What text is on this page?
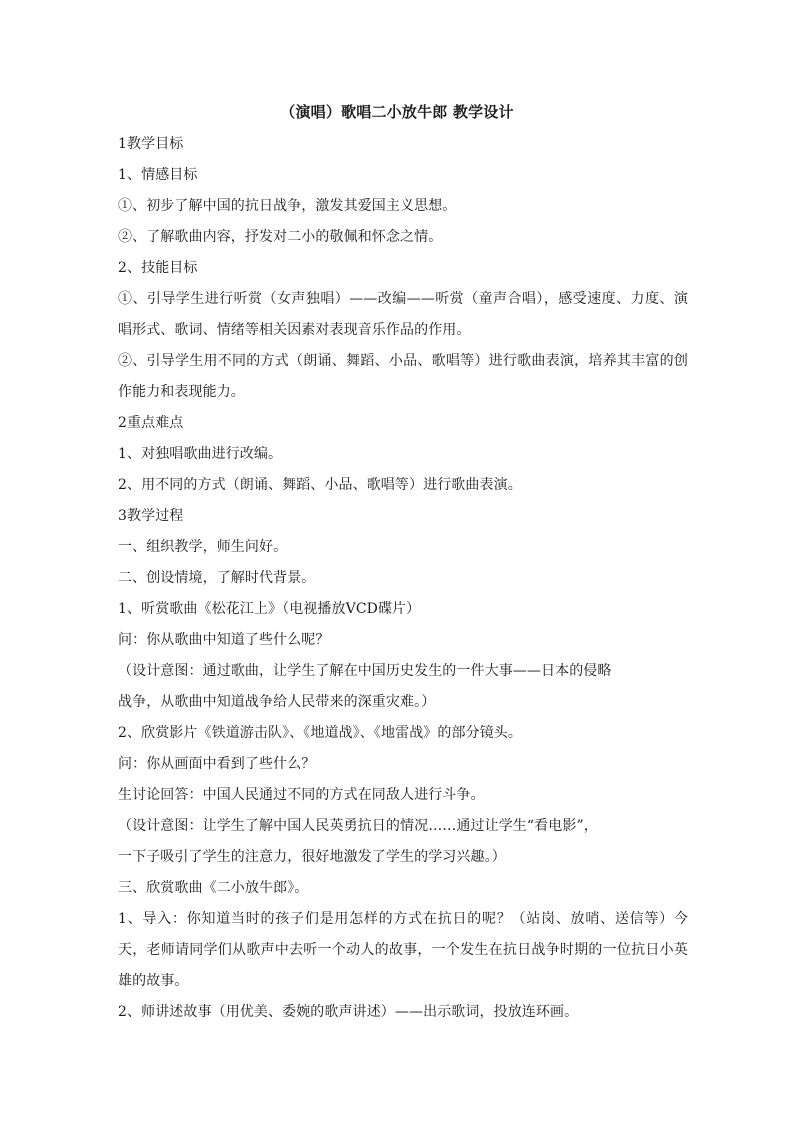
（演唱）歌唱二小放牛郎 教学设计

1教学目标

1、情感目标

①、初步了解中国的抗日战争，激发其爱国主义思想。

②、了解歌曲内容，抒发对二小的敬佩和怀念之情。

2、技能目标

①、引导学生进行听赏（女声独唱）——改编——听赏（童声合唱），感受速度、力度、演唱形式、歌词、情绪等相关因素对表现音乐作品的作用。

②、引导学生用不同的方式（朗诵、舞蹈、小品、歌唱等）进行歌曲表演，培养其丰富的创作能力和表现能力。

2重点难点

1、对独唱歌曲进行改编。

2、用不同的方式（朗诵、舞蹈、小品、歌唱等）进行歌曲表演。

3教学过程

一、组织教学，师生问好。

二、创设情境，了解时代背景。

1、听赏歌曲《松花江上》（电视播放VCD碟片）

问：你从歌曲中知道了些什么呢？

（设计意图：通过歌曲，让学生了解在中国历史发生的一件大事——日本的侵略

战争，从歌曲中知道战争给人民带来的深重灾难。）

2、欣赏影片《铁道游击队》、《地道战》、《地雷战》的部分镜头。

问：你从画面中看到了些什么？

生讨论回答：中国人民通过不同的方式在同敌人进行斗争。

（设计意图：让学生了解中国人民英勇抗日的情况……通过让学生“看电影”，

一下子吸引了学生的注意力，很好地激发了学生的学习兴趣。）

三、欣赏歌曲《二小放牛郎》。

1、导入：你知道当时的孩子们是用怎样的方式在抗日的呢？（站岗、放哨、送信等）今天，老师请同学们从歌声中去听一个动人的故事，一个发生在抗日战争时期的一位抗日小英雄的故事。

2、师讲述故事（用优美、委婉的歌声讲述）——出示歌词，投放连环画。
